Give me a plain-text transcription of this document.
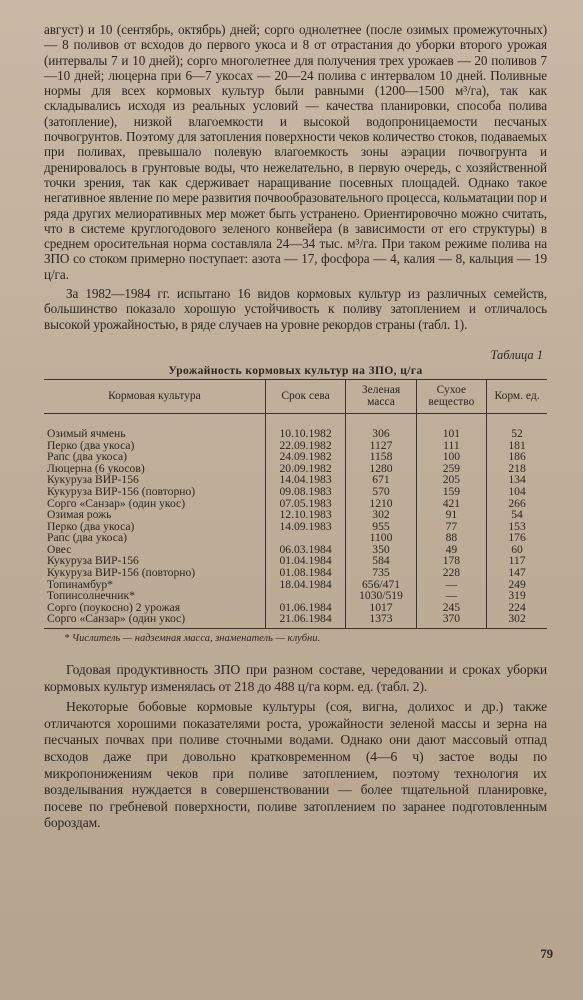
август) и 10 (сентябрь, октябрь) дней; сорго однолетнее (после озимых промежуточных) — 8 поливов от всходов до первого укоса и 8 от отрастания до уборки второго урожая (интервалы 7 и 10 дней); сорго многолетнее для получения трех урожаев — 20 поливов 7—10 дней; люцерна при 6—7 укосах — 20—24 полива с интервалом 10 дней. Поливные нормы для всех кормовых культур были равными (1200—1500 м³/га), так как складывались исходя из реальных условий — качества планировки, способа полива (затопление), низкой влагоемкости и высокой водопроницаемости песчаных почвогрунтов. Поэтому для затопления поверхности чеков количество стоков, подаваемых при поливах, превышало полевую влагоемкость зоны аэрации почвогрунта и дренировалось в грунтовые воды, что нежелательно, в первую очередь, с хозяйственной точки зрения, так как сдерживает наращивание посевных площадей. Однако такое негативное явление по мере развития почвообразовательного процесса, кольматации пор и ряда других мелиоративных мер может быть устранено. Ориентировочно можно считать, что в системе круглогодового зеленого конвейера (в зависимости от его структуры) в среднем оросительная норма составляла 24—34 тыс. м³/га. При таком режиме полива на ЗПО со стоком примерно поступает: азота — 17, фосфора — 4, калия — 8, кальция — 19 ц/га.

За 1982—1984 гг. испытано 16 видов кормовых культур из различных семейств, большинство показало хорошую устойчивость к поливу затоплением и отличалось высокой урожайностью, в ряде случаев на уровне рекордов страны (табл. 1).

Таблица 1
Урожайность кормовых культур на ЗПО, ц/га
Кормовая культура	Срок сева	Зеленая масса	Сухое вещество	Корм. ед.
Озимый ячмень	10.10.1982	306	101	52
Перко (два укоса)	22.09.1982	1127	111	181
Рапс (два укоса)	24.09.1982	1158	100	186
Люцерна (6 укосов)	20.09.1982	1280	259	218
Кукуруза ВИР-156	14.04.1983	671	205	134
Кукуруза ВИР-156 (повторно)	09.08.1983	570	159	104
Сорго «Санзар» (один укос)	07.05.1983	1210	421	266
Озимая рожь	12.10.1983	302	91	54
Перко (два укоса)	14.09.1983	955	77	153
Рапс (два укоса)		1100	88	176
Овес	06.03.1984	350	49	60
Кукуруза ВИР-156	01.04.1984	584	178	117
Кукуруза ВИР-156 (повторно)	01.08.1984	735	228	147
Топинамбур*	18.04.1984	656/471	—	249
Топинсолнечник*		1030/519	—	319
Сорго (поукосно) 2 урожая	01.06.1984	1017	245	224
Сорго «Санзар» (один укос)	21.06.1984	1373	370	302
* Числитель — надземная масса, знаменатель — клубни.

Годовая продуктивность ЗПО при разном составе, чередовании и сроках уборки кормовых культур изменялась от 218 до 488 ц/га корм. ед. (табл. 2).

Некоторые бобовые кормовые культуры (соя, вигна, долихос и др.) также отличаются хорошими показателями роста, урожайности зеленой массы и зерна на песчаных почвах при поливе сточными водами. Однако они дают массовый отпад всходов даже при довольно кратковременном (4—6 ч) застое воды по микропонижениям чеков при поливе затоплением, поэтому технология их возделывания нуждается в совершенствовании — более тщательной планировке, посеве по гребневой поверхности, поливе затоплением по заранее подготовленным бороздам.

79
